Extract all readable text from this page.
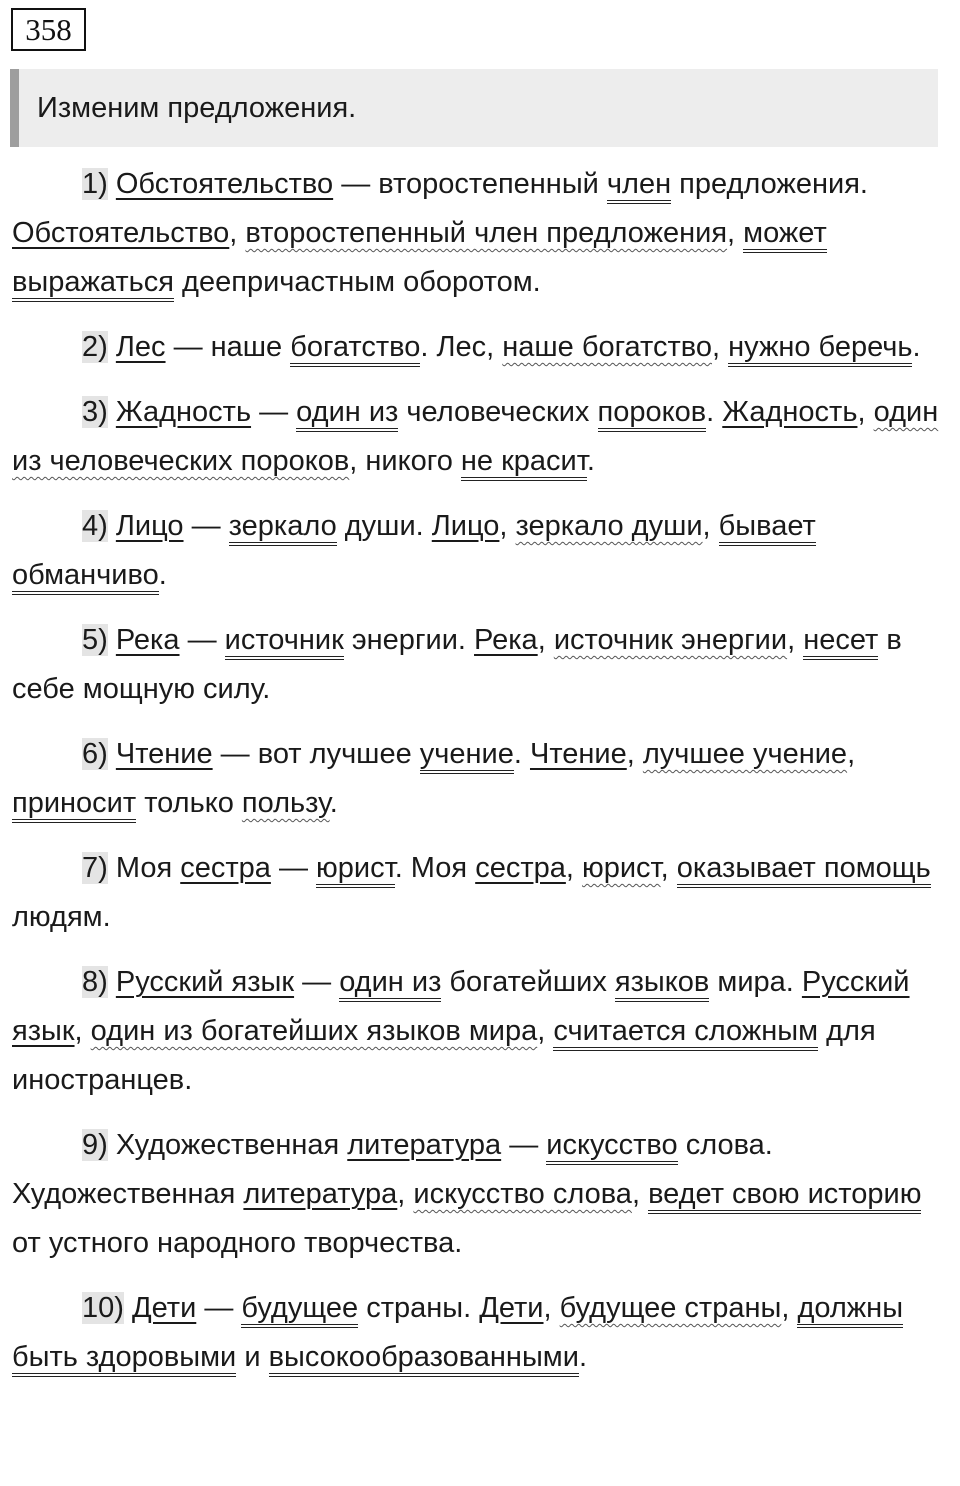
358
Изменим предложения.

1) Обстоятельство — второстепенный член предложения. Обстоятельство, второстепенный член предложения, может выражаться деепричастным оборотом.

2) Лес — наше богатство. Лес, наше богатство, нужно беречь.

3) Жадность — один из человеческих пороков. Жадность, один из человеческих пороков, никого не красит.

4) Лицо — зеркало души. Лицо, зеркало души, бывает обманчиво.

5) Река — источник энергии. Река, источник энергии, несет в себе мощную силу.

6) Чтение — вот лучшее учение. Чтение, лучшее учение, приносит только пользу.

7) Моя сестра — юрист. Моя сестра, юрист, оказывает помощь людям.

8) Русский язык — один из богатейших языков мира. Русский язык, один из богатейших языков мира, считается сложным для иностранцев.

9) Художественная литература — искусство слова. Художественная литература, искусство слова, ведет свою историю от устного народного творчества.

10) Дети — будущее страны. Дети, будущее страны, должны быть здоровыми и высокообразованными.
